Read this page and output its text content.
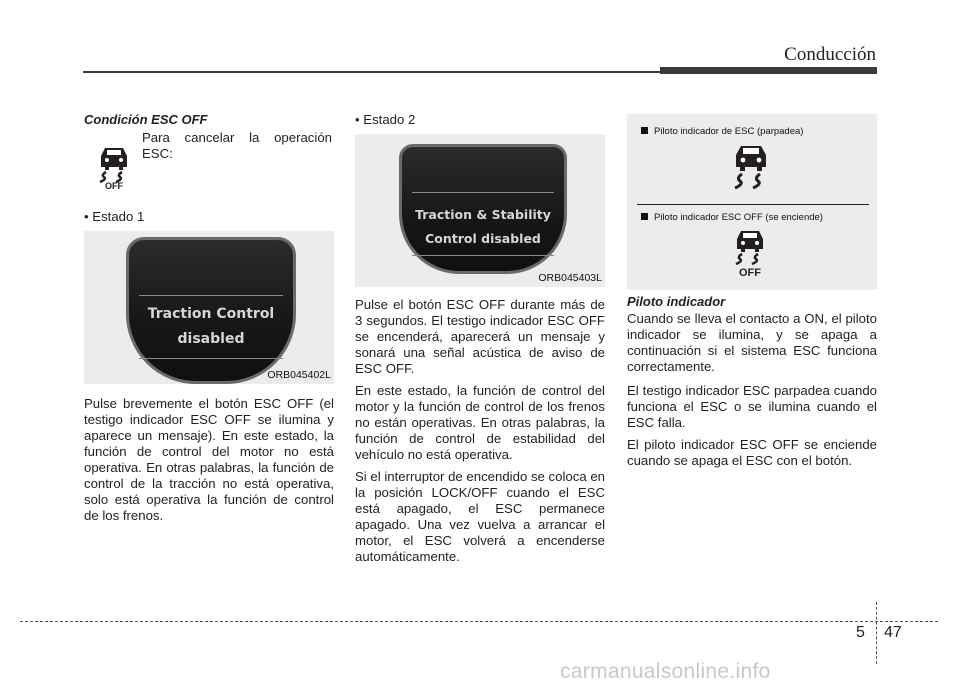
Conducción
Condición ESC OFF
OFF
Para cancelar la operación ESC:
• Estado 1
Traction Control
disabled
ORB045402L
Pulse brevemente el botón ESC OFF (el testigo indicador ESC OFF se ilumina y aparece un mensaje). En este estado, la función de control del motor no está operativa. En otras palabras, la función de control de la tracción no está operativa, solo está operativa la función de control de los frenos.
• Estado 2
Traction & Stability
Control disabled
ORB045403L
Pulse el botón ESC OFF durante más de 3 segundos. El testigo indicador ESC OFF se encenderá, aparecerá un mensaje y sonará una señal acústica de aviso de ESC OFF.
En este estado, la función de control del motor y la función de control de los frenos no están operativas. En otras palabras, la función de control de estabilidad del vehículo no está operativa.
Si el interruptor de encendido se coloca en la posición LOCK/OFF cuando el ESC está apagado, el ESC permanece apagado. Una vez vuelva a arrancar el motor, el ESC volverá a encenderse automáticamente.
Piloto indicador de ESC (parpadea)
Piloto indicador ESC OFF (se enciende)
OFF
Piloto indicador
Cuando se lleva el contacto a ON, el piloto indicador se ilumina, y se apaga a continuación si el sistema ESC funciona correctamente.
El testigo indicador ESC parpadea cuando funciona el ESC o se ilumina cuando el ESC falla.
El piloto indicador ESC OFF se enciende cuando se apaga el ESC con el botón.
5 47
carmanualsonline.info
